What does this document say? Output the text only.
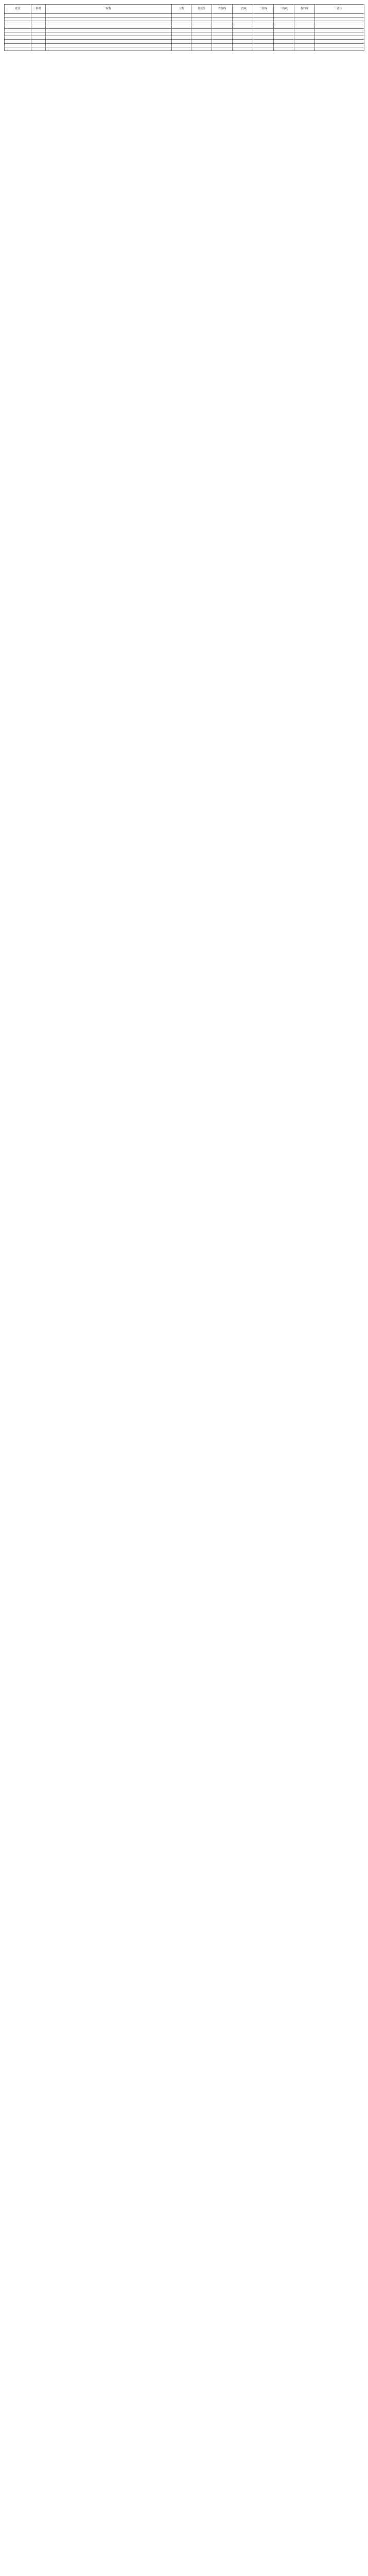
批次	科类	院校	人数	最低分	省控线	一段线	二段线	三段线	投档线	备注
